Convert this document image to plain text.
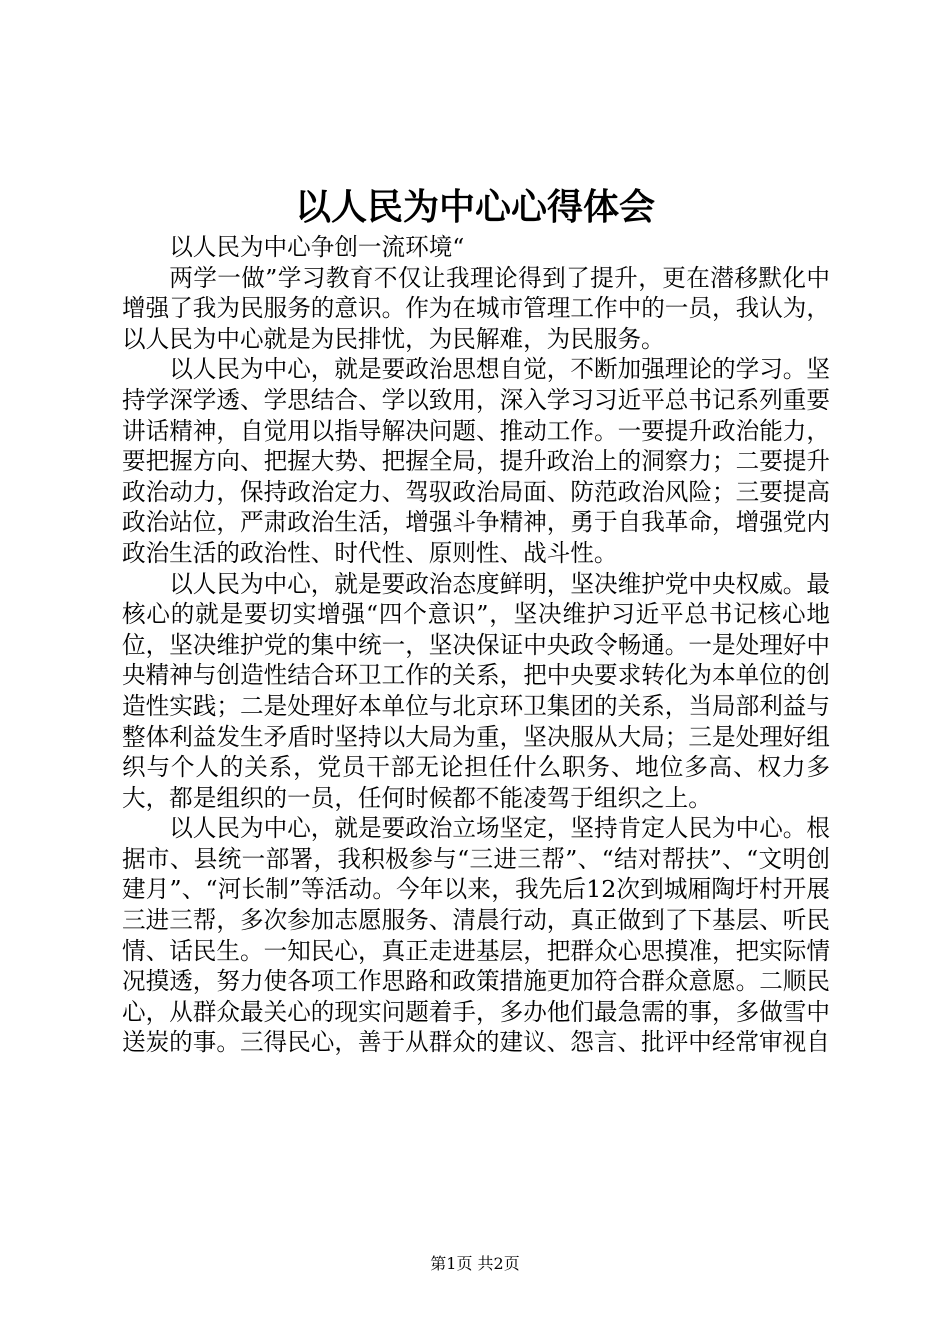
以人民为中心心得体会

以人民为中心争创一流环境“

两学一做”学习教育不仅让我理论得到了提升，更在潜移默化中增强了我为民服务的意识。作为在城市管理工作中的一员，我认为，以人民为中心就是为民排忧，为民解难，为民服务。

以人民为中心，就是要政治思想自觉，不断加强理论的学习。坚持学深学透、学思结合、学以致用，深入学习习近平总书记系列重要讲话精神，自觉用以指导解决问题、推动工作。一要提升政治能力，要把握方向、把握大势、把握全局，提升政治上的洞察力；二要提升政治动力，保持政治定力、驾驭政治局面、防范政治风险；三要提高政治站位，严肃政治生活，增强斗争精神，勇于自我革命，增强党内政治生活的政治性、时代性、原则性、战斗性。

以人民为中心，就是要政治态度鲜明，坚决维护党中央权威。最核心的就是要切实增强“四个意识”，坚决维护习近平总书记核心地位，坚决维护党的集中统一，坚决保证中央政令畅通。一是处理好中央精神与创造性结合环卫工作的关系，把中央要求转化为本单位的创造性实践；二是处理好本单位与北京环卫集团的关系，当局部利益与整体利益发生矛盾时坚持以大局为重，坚决服从大局；三是处理好组织与个人的关系，党员干部无论担任什么职务、地位多高、权力多大，都是组织的一员，任何时候都不能凌驾于组织之上。

以人民为中心，就是要政治立场坚定，坚持肯定人民为中心。根据市、县统一部署，我积极参与“三进三帮”、“结对帮扶”、“文明创建月”、“河长制”等活动。今年以来，我先后12次到城厢陶圩村开展三进三帮，多次参加志愿服务、清晨行动，真正做到了下基层、听民情、话民生。一知民心，真正走进基层，把群众心思摸准，把实际情况摸透，努力使各项工作思路和政策措施更加符合群众意愿。二顺民心，从群众最关心的现实问题着手，多办他们最急需的事，多做雪中送炭的事。三得民心，善于从群众的建议、怨言、批评中经常审视自

第1页 共2页
